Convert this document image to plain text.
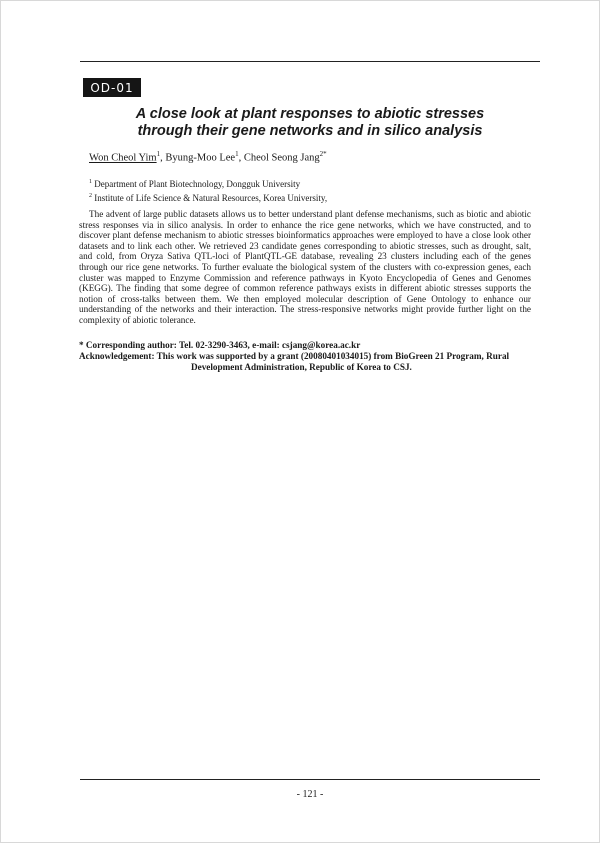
OD-01
A close look at plant responses to abiotic stresses
through their gene networks and in silico analysis
Won Cheol Yim$^1$, Byung-Moo Lee$^1$, Cheol Seong Jang$^{2*}$
$^1$ Department of Plant Biotechnology, Dongguk University
$^2$ Institute of Life Science & Natural Resources, Korea University,
The advent of large public datasets allows us to better understand plant defense mechanisms, such as biotic and abiotic stress responses via in silico analysis. In order to enhance the rice gene networks, which we have constructed, and to discover plant defense mechanism to abiotic stresses bioinformatics approaches were employed to have a close look other datasets and to link each other. We retrieved 23 candidate genes corresponding to abiotic stresses, such as drought, salt, and cold, from Oryza Sativa QTL-loci of PlantQTL-GE database, revealing 23 clusters including each of the genes through our rice gene networks. To further evaluate the biological system of the clusters with co-expression genes, each cluster was mapped to Enzyme Commission and reference pathways in Kyoto Encyclopedia of Genes and Genomes (KEGG). The finding that some degree of common reference pathways exists in different abiotic stresses supports the notion of cross-talks between them. We then employed molecular description of Gene Ontology to enhance our understanding of the networks and their interaction. The stress-responsive networks might provide further light on the complexity of abiotic tolerance.
* Corresponding author: Tel. 02-3290-3463, e-mail: csjang@korea.ac.kr
Acknowledgement: This work was supported by a grant (20080401034015) from BioGreen 21 Program, Rural Development Administration, Republic of Korea to CSJ.
- 121 -
